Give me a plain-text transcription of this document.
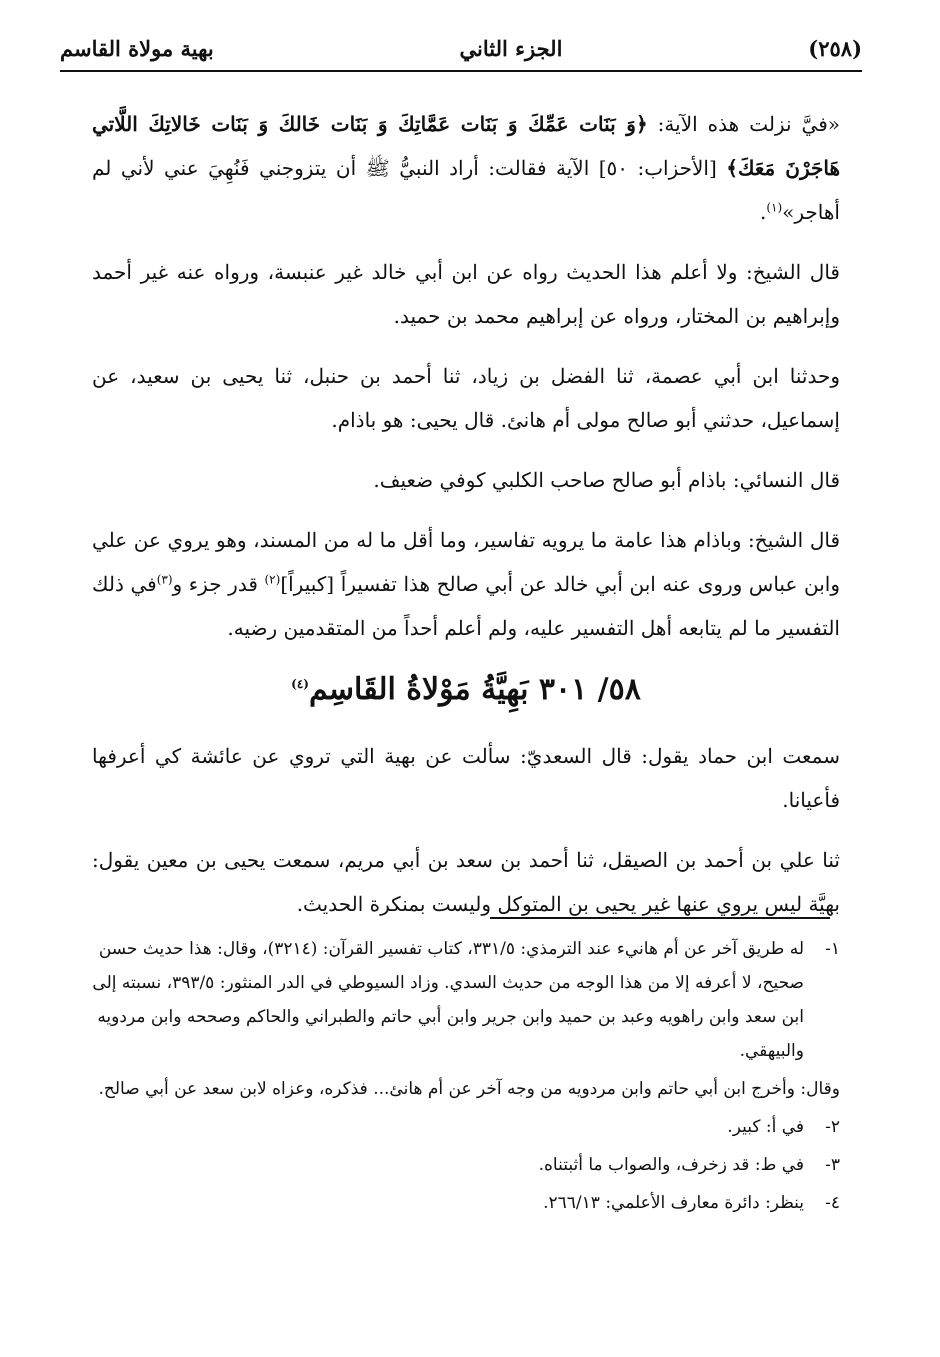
(٢٥٨)
الجزء الثاني
بهية مولاة القاسم

«فيَّ نزلت هذه الآية: ﴿وَ بَنَات عَمِّكَ وَ بَنَات عَمَّاتِكَ وَ بَنَات خَالكَ وَ بَنَات خَالاتِكَ اللَّاتي هَاجَرْنَ مَعَكَ﴾ [الأحزاب: ٥٠] الآية فقالت: أراد النبيُّ ﷺ أن يتزوجني فَنُهِيَ عني لأني لم أهاجر»$^{(١)}$.

قال الشيخ: ولا أعلم هذا الحديث رواه عن ابن أبي خالد غير عنبسة، ورواه عنه غير أحمد وإبراهيم بن المختار، ورواه عن إبراهيم محمد بن حميد.

وحدثنا ابن أبي عصمة، ثنا الفضل بن زياد، ثنا أحمد بن حنبل، ثنا يحيى بن سعيد، عن إسماعيل، حدثني أبو صالح مولى أم هانئ. قال يحيى: هو باذام.

قال النسائي: باذام أبو صالح صاحب الكلبي كوفي ضعيف.

قال الشيخ: وباذام هذا عامة ما يرويه تفاسير، وما أقل ما له من المسند، وهو يروي عن علي وابن عباس وروى عنه ابن أبي خالد عن أبي صالح هذا تفسيراً [كبيراً]$^{(٢)}$ قدر جزء و$^{(٣)}$في ذلك التفسير ما لم يتابعه أهل التفسير عليه، ولم أعلم أحداً من المتقدمين رضيه.

٥٨/ ٣٠١ بَهِيَّةُ مَوْلاةُ القَاسِم$^{(٤)}$

سمعت ابن حماد يقول: قال السعديّ: سألت عن بهية التي تروي عن عائشة كي أعرفها فأعيانا.

ثنا علي بن أحمد بن الصيقل، ثنا أحمد بن سعد بن أبي مريم، سمعت يحيى بن معين يقول: بهيَّة ليس يروي عنها غير يحيى بن المتوكل وليست بمنكرة الحديث.

١-له طريق آخر عن أم هانيء عند الترمذي: ٣٣١/٥، كتاب تفسير القرآن: (٣٢١٤)، وقال: هذا حديث حسن صحيح، لا أعرفه إلا من هذا الوجه من حديث السدي. وزاد السيوطي في الدر المنثور: ٣٩٣/٥، نسبته إلى ابن سعد وابن راهويه وعبد بن حميد وابن جرير وابن أبي حاتم والطبراني والحاكم وصححه وابن مردويه والبيهقي.

وقال: وأخرج ابن أبي حاتم وابن مردويه من وجه آخر عن أم هانئ... فذكره، وعزاه لابن سعد عن أبي صالح.

٢-في أ: كبير.

٣-في ط: قد زخرف، والصواب ما أثبتناه.

٤-ينظر: دائرة معارف الأعلمي: ٢٦٦/١٣.
